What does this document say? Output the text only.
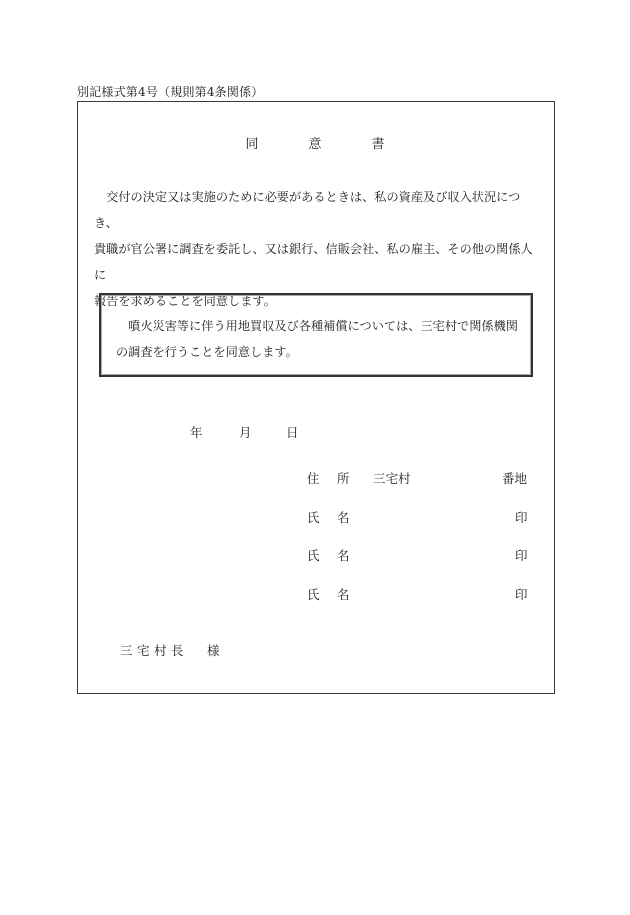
別記様式第4号（規則第4条関係）
同	意	書

　交付の決定又は実施のために必要があるときは、私の資産及び収入状況につき、

貴職が官公署に調査を委託し、又は銀行、信販会社、私の雇主、その他の関係人に

報告を求めることを同意します。

　噴火災害等に伴う用地買収及び各種補償については、三宅村で関係機関

の調査を行うことを同意します。

年	月	日
住 所 三宅村	番地
氏 名	印
氏 名	印
氏 名	印
三 宅 村 長 様
